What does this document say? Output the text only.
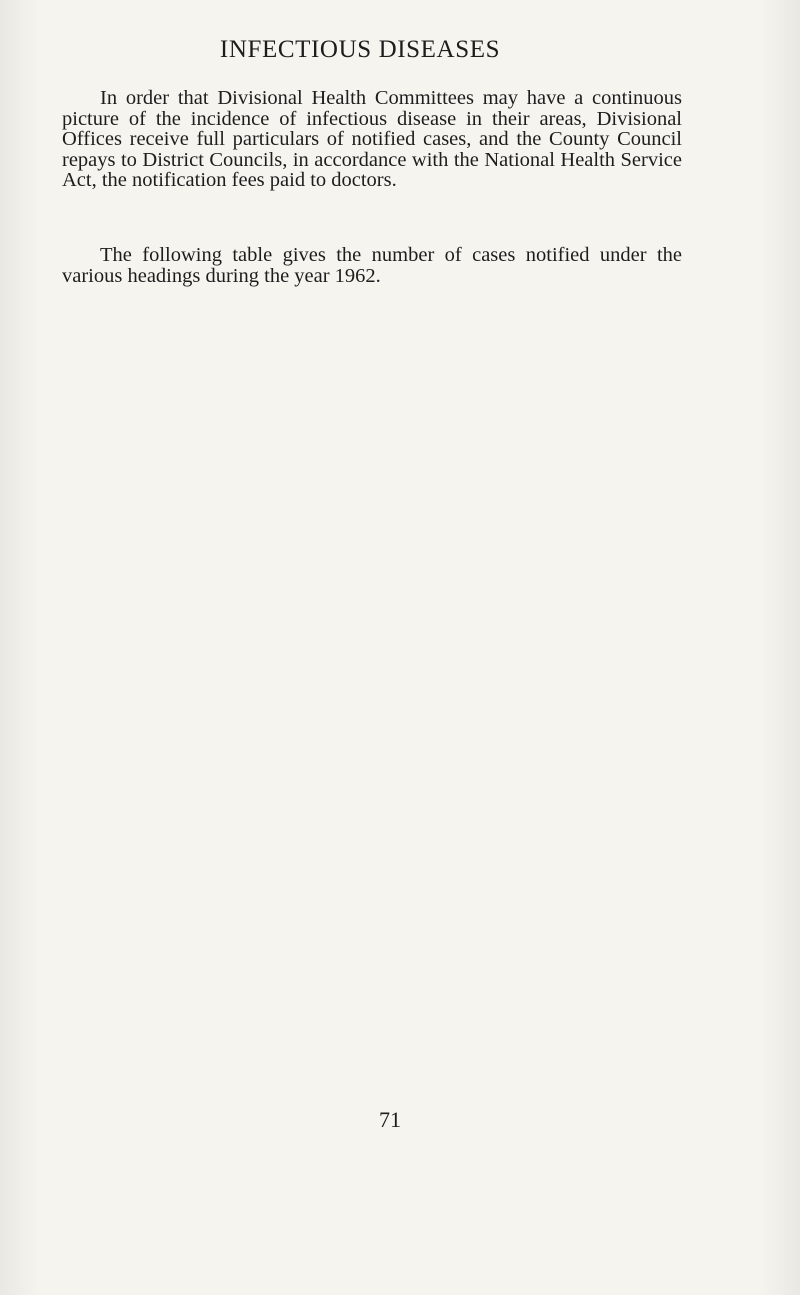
INFECTIOUS DISEASES

In order that Divisional Health Committees may have a continuous picture of the incidence of infectious disease in their areas, Divisional Offices receive full particulars of notified cases, and the County Council repays to District Councils, in accordance with the National Health Service Act, the notification fees paid to doctors.

The following table gives the number of cases notified under the various headings during the year 1962.

71
